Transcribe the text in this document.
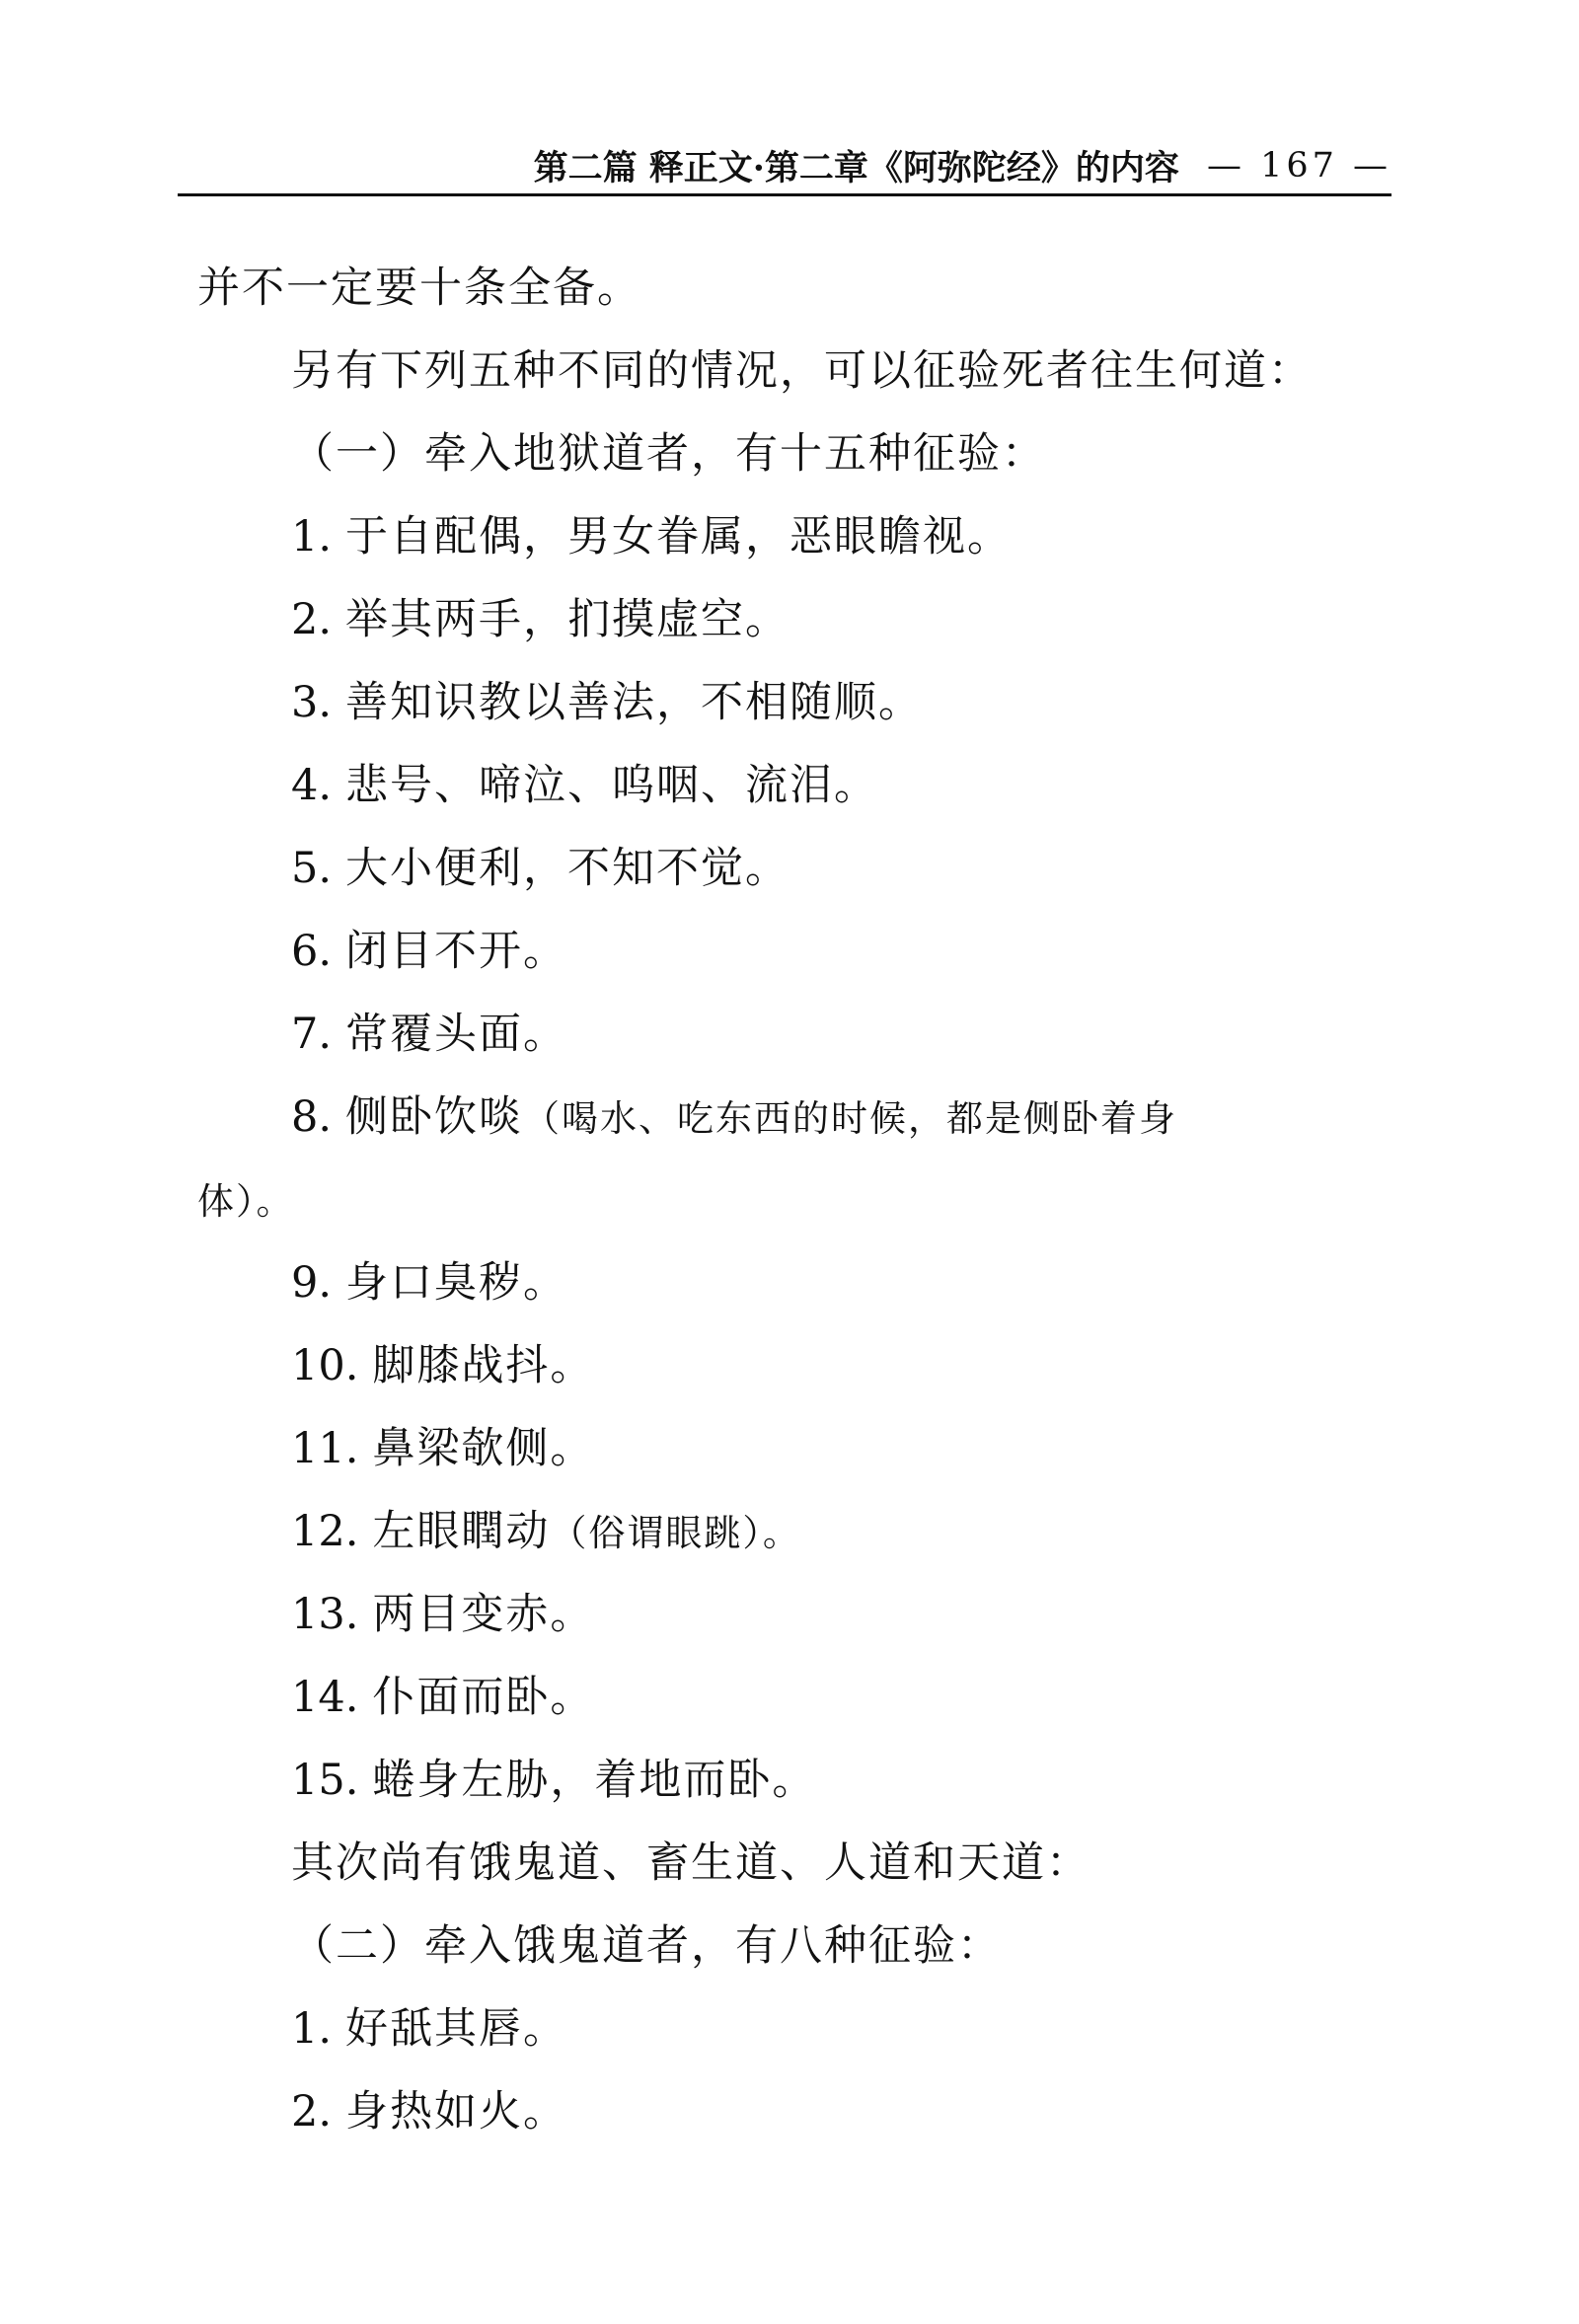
第二篇 释正文·第二章《阿弥陀经》的内容 — 167 —
并不一定要十条全备。
另有下列五种不同的情况，可以征验死者往生何道：
（一）牵入地狱道者，有十五种征验：
1. 于自配偶，男女眷属，恶眼瞻视。
2. 举其两手，扪摸虚空。
3. 善知识教以善法，不相随顺。
4. 悲号、啼泣、呜咽、流泪。
5. 大小便利，不知不觉。
6. 闭目不开。
7. 常覆头面。
8. 侧卧饮啖（喝水、吃东西的时候，都是侧卧着身
体）。
9. 身口臭秽。
10. 脚膝战抖。
11. 鼻梁欹侧。
12. 左眼瞤动（俗谓眼跳）。
13. 两目变赤。
14. 仆面而卧。
15. 蜷身左胁，着地而卧。
其次尚有饿鬼道、畜生道、人道和天道：
（二）牵入饿鬼道者，有八种征验：
1. 好舐其唇。
2. 身热如火。
